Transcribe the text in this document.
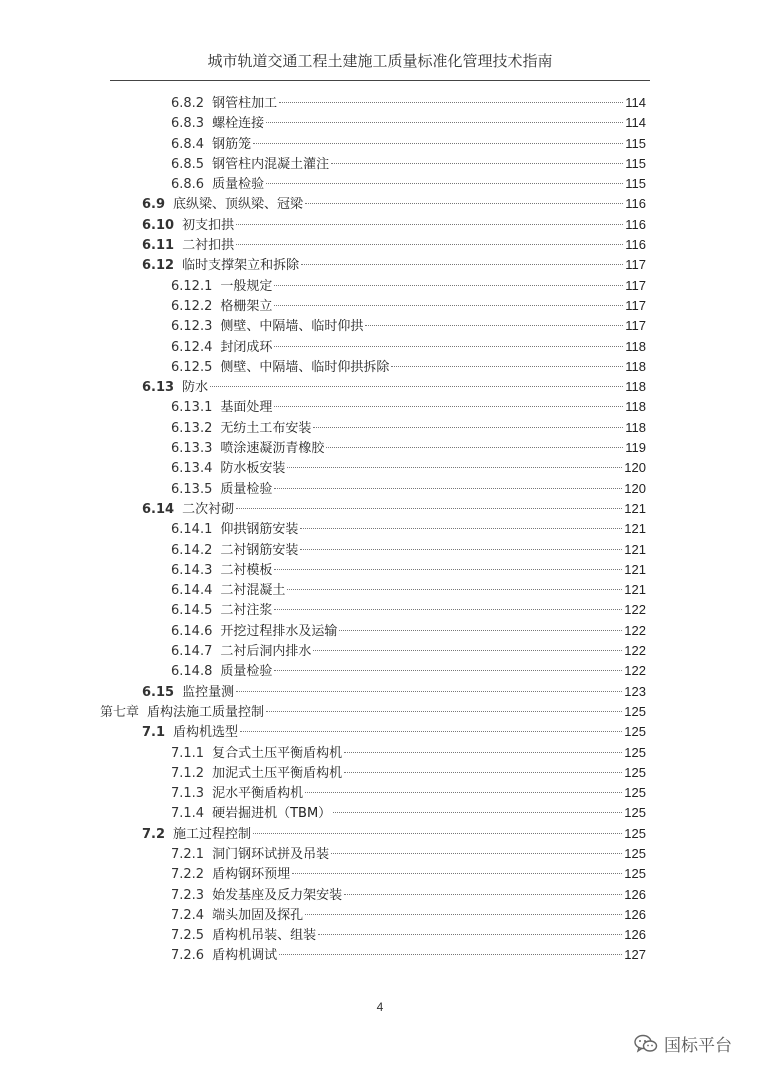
城市轨道交通工程土建施工质量标准化管理技术指南
6.8.2 钢管柱加工	114
6.8.3 螺栓连接	114
6.8.4 钢筋笼	115
6.8.5 钢管柱内混凝土灌注	115
6.8.6 质量检验	115
6.9 底纵梁、顶纵梁、冠梁	116
6.10 初支扣拱	116
6.11 二衬扣拱	116
6.12 临时支撑架立和拆除	117
6.12.1 一般规定	117
6.12.2 格栅架立	117
6.12.3 侧壁、中隔墙、临时仰拱	117
6.12.4 封闭成环	118
6.12.5 侧壁、中隔墙、临时仰拱拆除	118
6.13 防水	118
6.13.1 基面处理	118
6.13.2 无纺土工布安装	118
6.13.3 喷涂速凝沥青橡胶	119
6.13.4 防水板安装	120
6.13.5 质量检验	120
6.14 二次衬砌	121
6.14.1 仰拱钢筋安装	121
6.14.2 二衬钢筋安装	121
6.14.3 二衬模板	121
6.14.4 二衬混凝土	121
6.14.5 二衬注浆	122
6.14.6 开挖过程排水及运输	122
6.14.7 二衬后洞内排水	122
6.14.8 质量检验	122
6.15 监控量测	123
第七章 盾构法施工质量控制	125
7.1 盾构机选型	125
7.1.1 复合式土压平衡盾构机	125
7.1.2 加泥式土压平衡盾构机	125
7.1.3 泥水平衡盾构机	125
7.1.4 硬岩掘进机（TBM）	125
7.2 施工过程控制	125
7.2.1 洞门钢环试拼及吊装	125
7.2.2 盾构钢环预埋	125
7.2.3 始发基座及反力架安装	126
7.2.4 端头加固及探孔	126
7.2.5 盾构机吊装、组装	126
7.2.6 盾构机调试	127
4
国标平台
